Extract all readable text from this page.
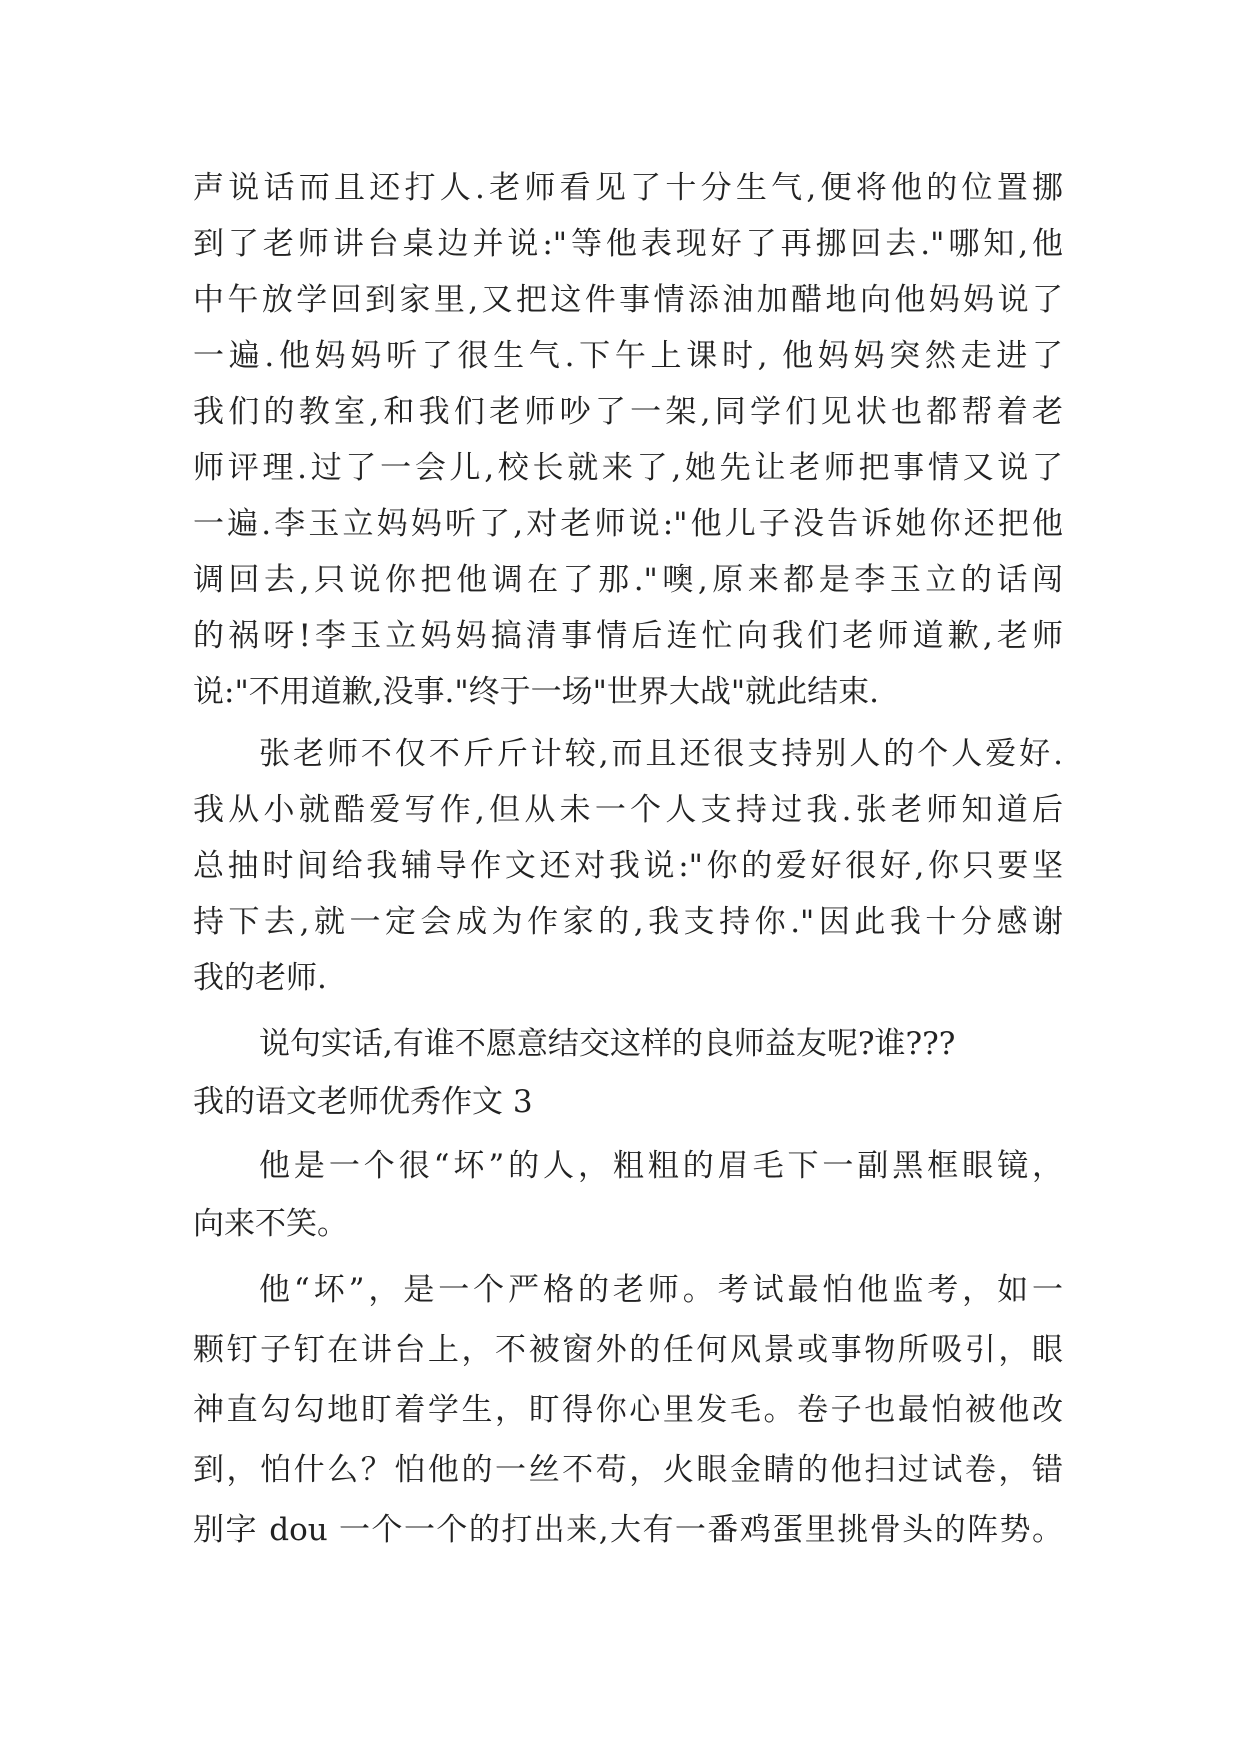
声说话而且还打人.老师看见了十分生气,便将他的位置挪
到了老师讲台桌边并说:"等他表现好了再挪回去."哪知,他
中午放学回到家里,又把这件事情添油加醋地向他妈妈说了
一遍.他妈妈听了很生气.下午上课时, 他妈妈突然走进了
我们的教室,和我们老师吵了一架,同学们见状也都帮着老
师评理.过了一会儿,校长就来了,她先让老师把事情又说了
一遍.李玉立妈妈听了,对老师说:"他儿子没告诉她你还把他
调回去,只说你把他调在了那."噢,原来都是李玉立的话闯
的祸呀!李玉立妈妈搞清事情后连忙向我们老师道歉,老师
说:"不用道歉,没事."终于一场"世界大战"就此结束.
张老师不仅不斤斤计较,而且还很支持别人的个人爱好.
我从小就酷爱写作,但从未一个人支持过我.张老师知道后
总抽时间给我辅导作文还对我说:"你的爱好很好,你只要坚
持下去,就一定会成为作家的,我支持你."因此我十分感谢
我的老师.
说句实话,有谁不愿意结交这样的良师益友呢?谁???
我的语文老师优秀作文 3
他是一个很“坏”的人，粗粗的眉毛下一副黑框眼镜，
向来不笑。
他“坏”，是一个严格的老师。考试最怕他监考，如一
颗钉子钉在讲台上，不被窗外的任何风景或事物所吸引，眼
神直勾勾地盯着学生，盯得你心里发毛。卷子也最怕被他改
到，怕什么？怕他的一丝不苟，火眼金睛的他扫过试卷，错
别字 dou 一个一个的打出来,大有一番鸡蛋里挑骨头的阵势。
